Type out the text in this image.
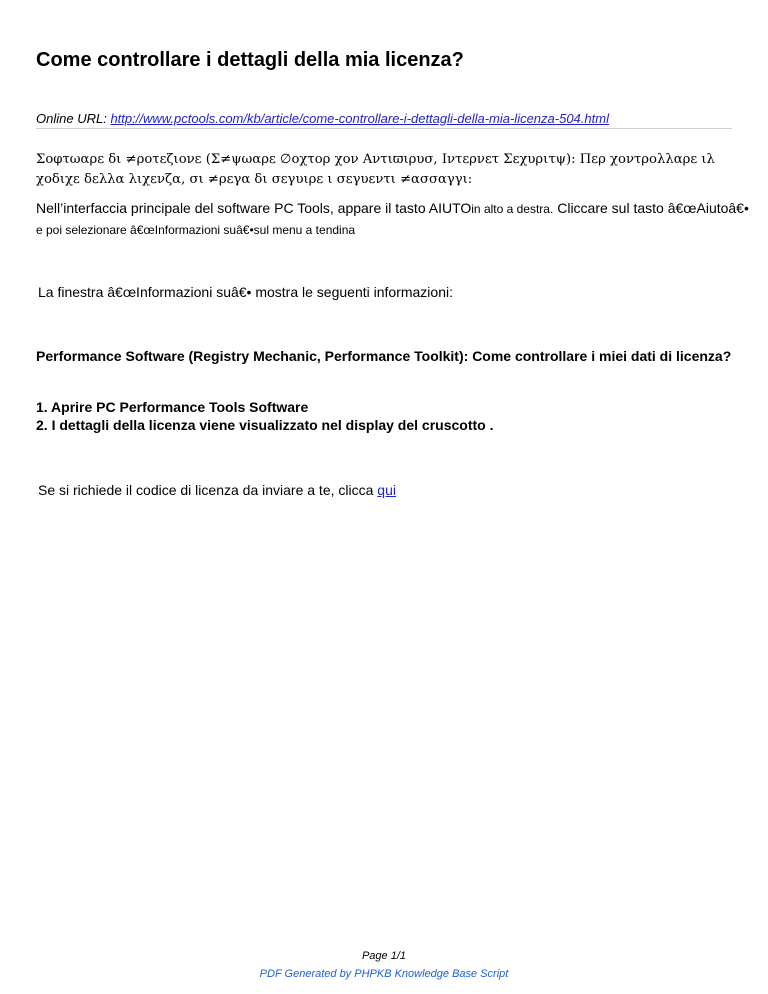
Come controllare i dettagli della mia licenza?
Online URL: http://www.pctools.com/kb/article/come-controllare-i-dettagli-della-mia-licenza-504.html
Σοφτωαρε δι ≠ροτεζιονε (Σ≠ψωαρε ∅οχτορ χον Αντιϖιρυσ, Ιντερνετ Σεχυριτψ): Περ χοντρολλαρε ιλ χοδιχε δελλα λιχενζα, σι ≠ρεγα δι σεγυιρε ι σεγυεντι ≠ασσαγγι:
Nell’interfaccia principale del software PC Tools, appare il tasto AIUTOin alto a destra. Cliccare sul tasto â€œAiutoâ€• e poi selezionare â€œInformazioni suâ€•sul menu a tendina
La finestra â€œInformazioni suâ€• mostra le seguenti informazioni:
Performance Software (Registry Mechanic, Performance Toolkit): Come controllare i miei dati di licenza?
1. Aprire PC Performance Tools Software
2. I dettagli della licenza viene visualizzato nel display del cruscotto .
Se si richiede il codice di licenza da inviare a te, clicca qui
Page 1/1
PDF Generated by PHPKB Knowledge Base Script
